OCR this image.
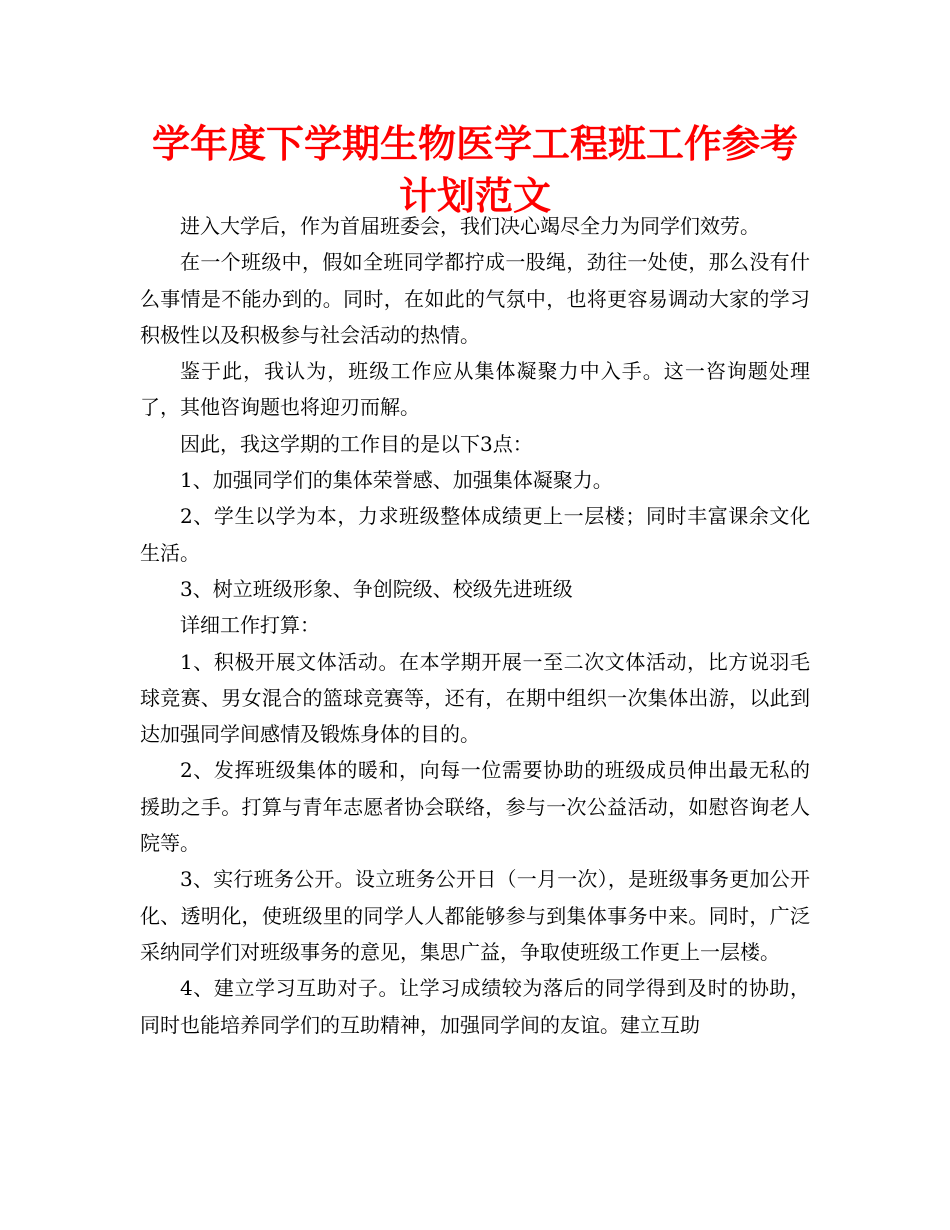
学年度下学期生物医学工程班工作参考计划范文

进入大学后，作为首届班委会，我们决心竭尽全力为同学们效劳。

在一个班级中，假如全班同学都拧成一股绳，劲往一处使，那么没有什么事情是不能办到的。同时，在如此的气氛中，也将更容易调动大家的学习积极性以及积极参与社会活动的热情。

鉴于此，我认为，班级工作应从集体凝聚力中入手。这一咨询题处理了，其他咨询题也将迎刃而解。

因此，我这学期的工作目的是以下3点：

1、加强同学们的集体荣誉感、加强集体凝聚力。

2、学生以学为本，力求班级整体成绩更上一层楼；同时丰富课余文化生活。

3、树立班级形象、争创院级、校级先进班级

详细工作打算：

1、积极开展文体活动。在本学期开展一至二次文体活动，比方说羽毛球竞赛、男女混合的篮球竞赛等，还有，在期中组织一次集体出游，以此到达加强同学间感情及锻炼身体的目的。

2、发挥班级集体的暖和，向每一位需要协助的班级成员伸出最无私的援助之手。打算与青年志愿者协会联络，参与一次公益活动，如慰咨询老人院等。

3、实行班务公开。设立班务公开日（一月一次），是班级事务更加公开化、透明化，使班级里的同学人人都能够参与到集体事务中来。同时，广泛采纳同学们对班级事务的意见，集思广益，争取使班级工作更上一层楼。

4、建立学习互助对子。让学习成绩较为落后的同学得到及时的协助，同时也能培养同学们的互助精神，加强同学间的友谊。建立互助
